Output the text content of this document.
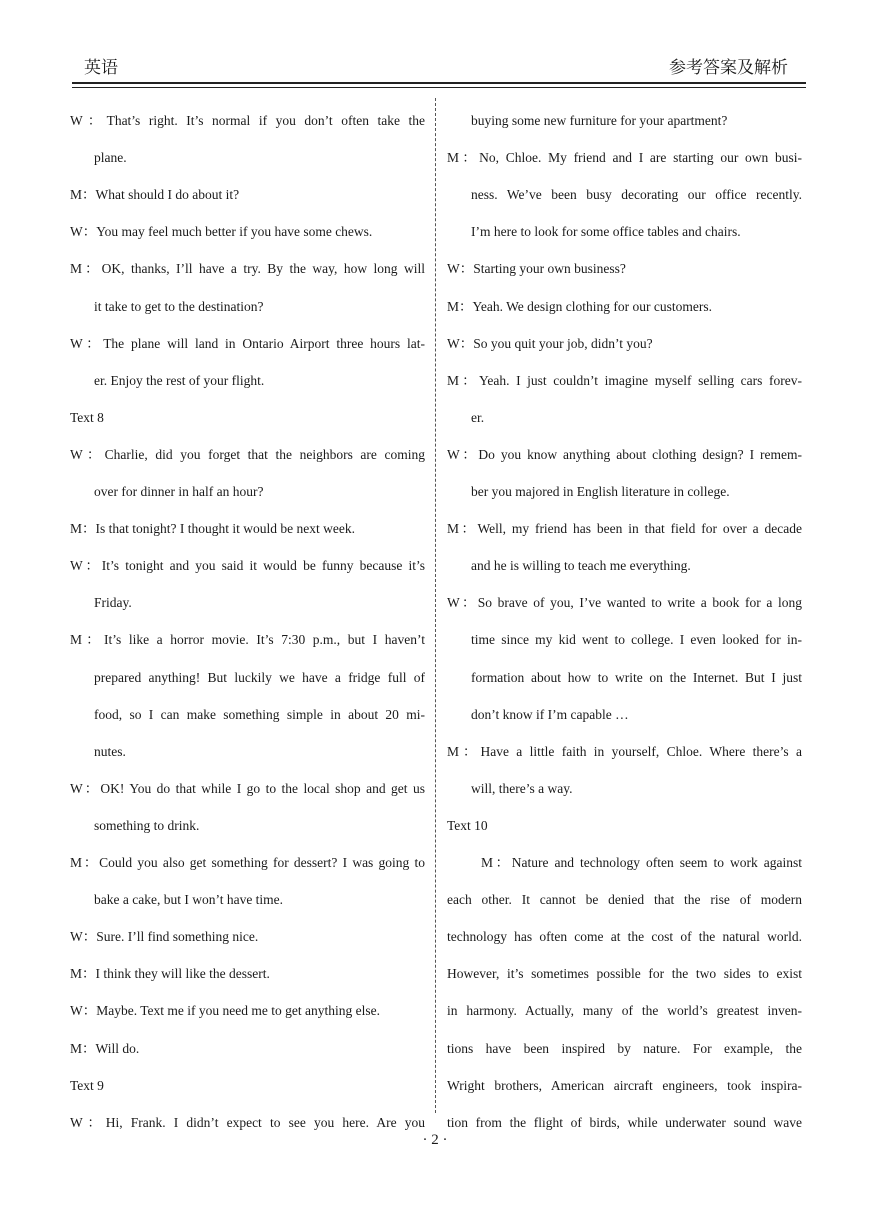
英语	参考答案及解析
W：That’s right. It’s normal if you don’t often take the
plane.
M：What should I do about it?
W：You may feel much better if you have some chews.
M：OK, thanks, I’ll have a try. By the way, how long will
it take to get to the destination?
W：The plane will land in Ontario Airport three hours lat-
er. Enjoy the rest of your flight.
Text 8
W：Charlie, did you forget that the neighbors are coming
over for dinner in half an hour?
M：Is that tonight? I thought it would be next week.
W：It’s tonight and you said it would be funny because it’s
Friday.
M：It’s like a horror movie. It’s 7:30 p.m., but I haven’t
prepared anything! But luckily we have a fridge full of
food, so I can make something simple in about 20 mi-
nutes.
W：OK! You do that while I go to the local shop and get us
something to drink.
M：Could you also get something for dessert? I was going to
bake a cake, but I won’t have time.
W：Sure. I’ll find something nice.
M：I think they will like the dessert.
W：Maybe. Text me if you need me to get anything else.
M：Will do.
Text 9
W：Hi, Frank. I didn’t expect to see you here. Are you
buying some new furniture for your apartment?
M：No, Chloe. My friend and I are starting our own busi-
ness. We’ve been busy decorating our office recently.
I’m here to look for some office tables and chairs.
W：Starting your own business?
M：Yeah. We design clothing for our customers.
W：So you quit your job, didn’t you?
M：Yeah. I just couldn’t imagine myself selling cars forev-
er.
W：Do you know anything about clothing design? I remem-
ber you majored in English literature in college.
M：Well, my friend has been in that field for over a decade
and he is willing to teach me everything.
W：So brave of you, I’ve wanted to write a book for a long
time since my kid went to college. I even looked for in-
formation about how to write on the Internet. But I just
don’t know if I’m capable …
M：Have a little faith in yourself, Chloe. Where there’s a
will, there’s a way.
Text 10
M：Nature and technology often seem to work against
each other. It cannot be denied that the rise of modern
technology has often come at the cost of the natural world.
However, it’s sometimes possible for the two sides to exist
in harmony. Actually, many of the world’s greatest inven-
tions have been inspired by nature. For example, the
Wright brothers, American aircraft engineers, took inspira-
tion from the flight of birds, while underwater sound wave
· 2 ·
